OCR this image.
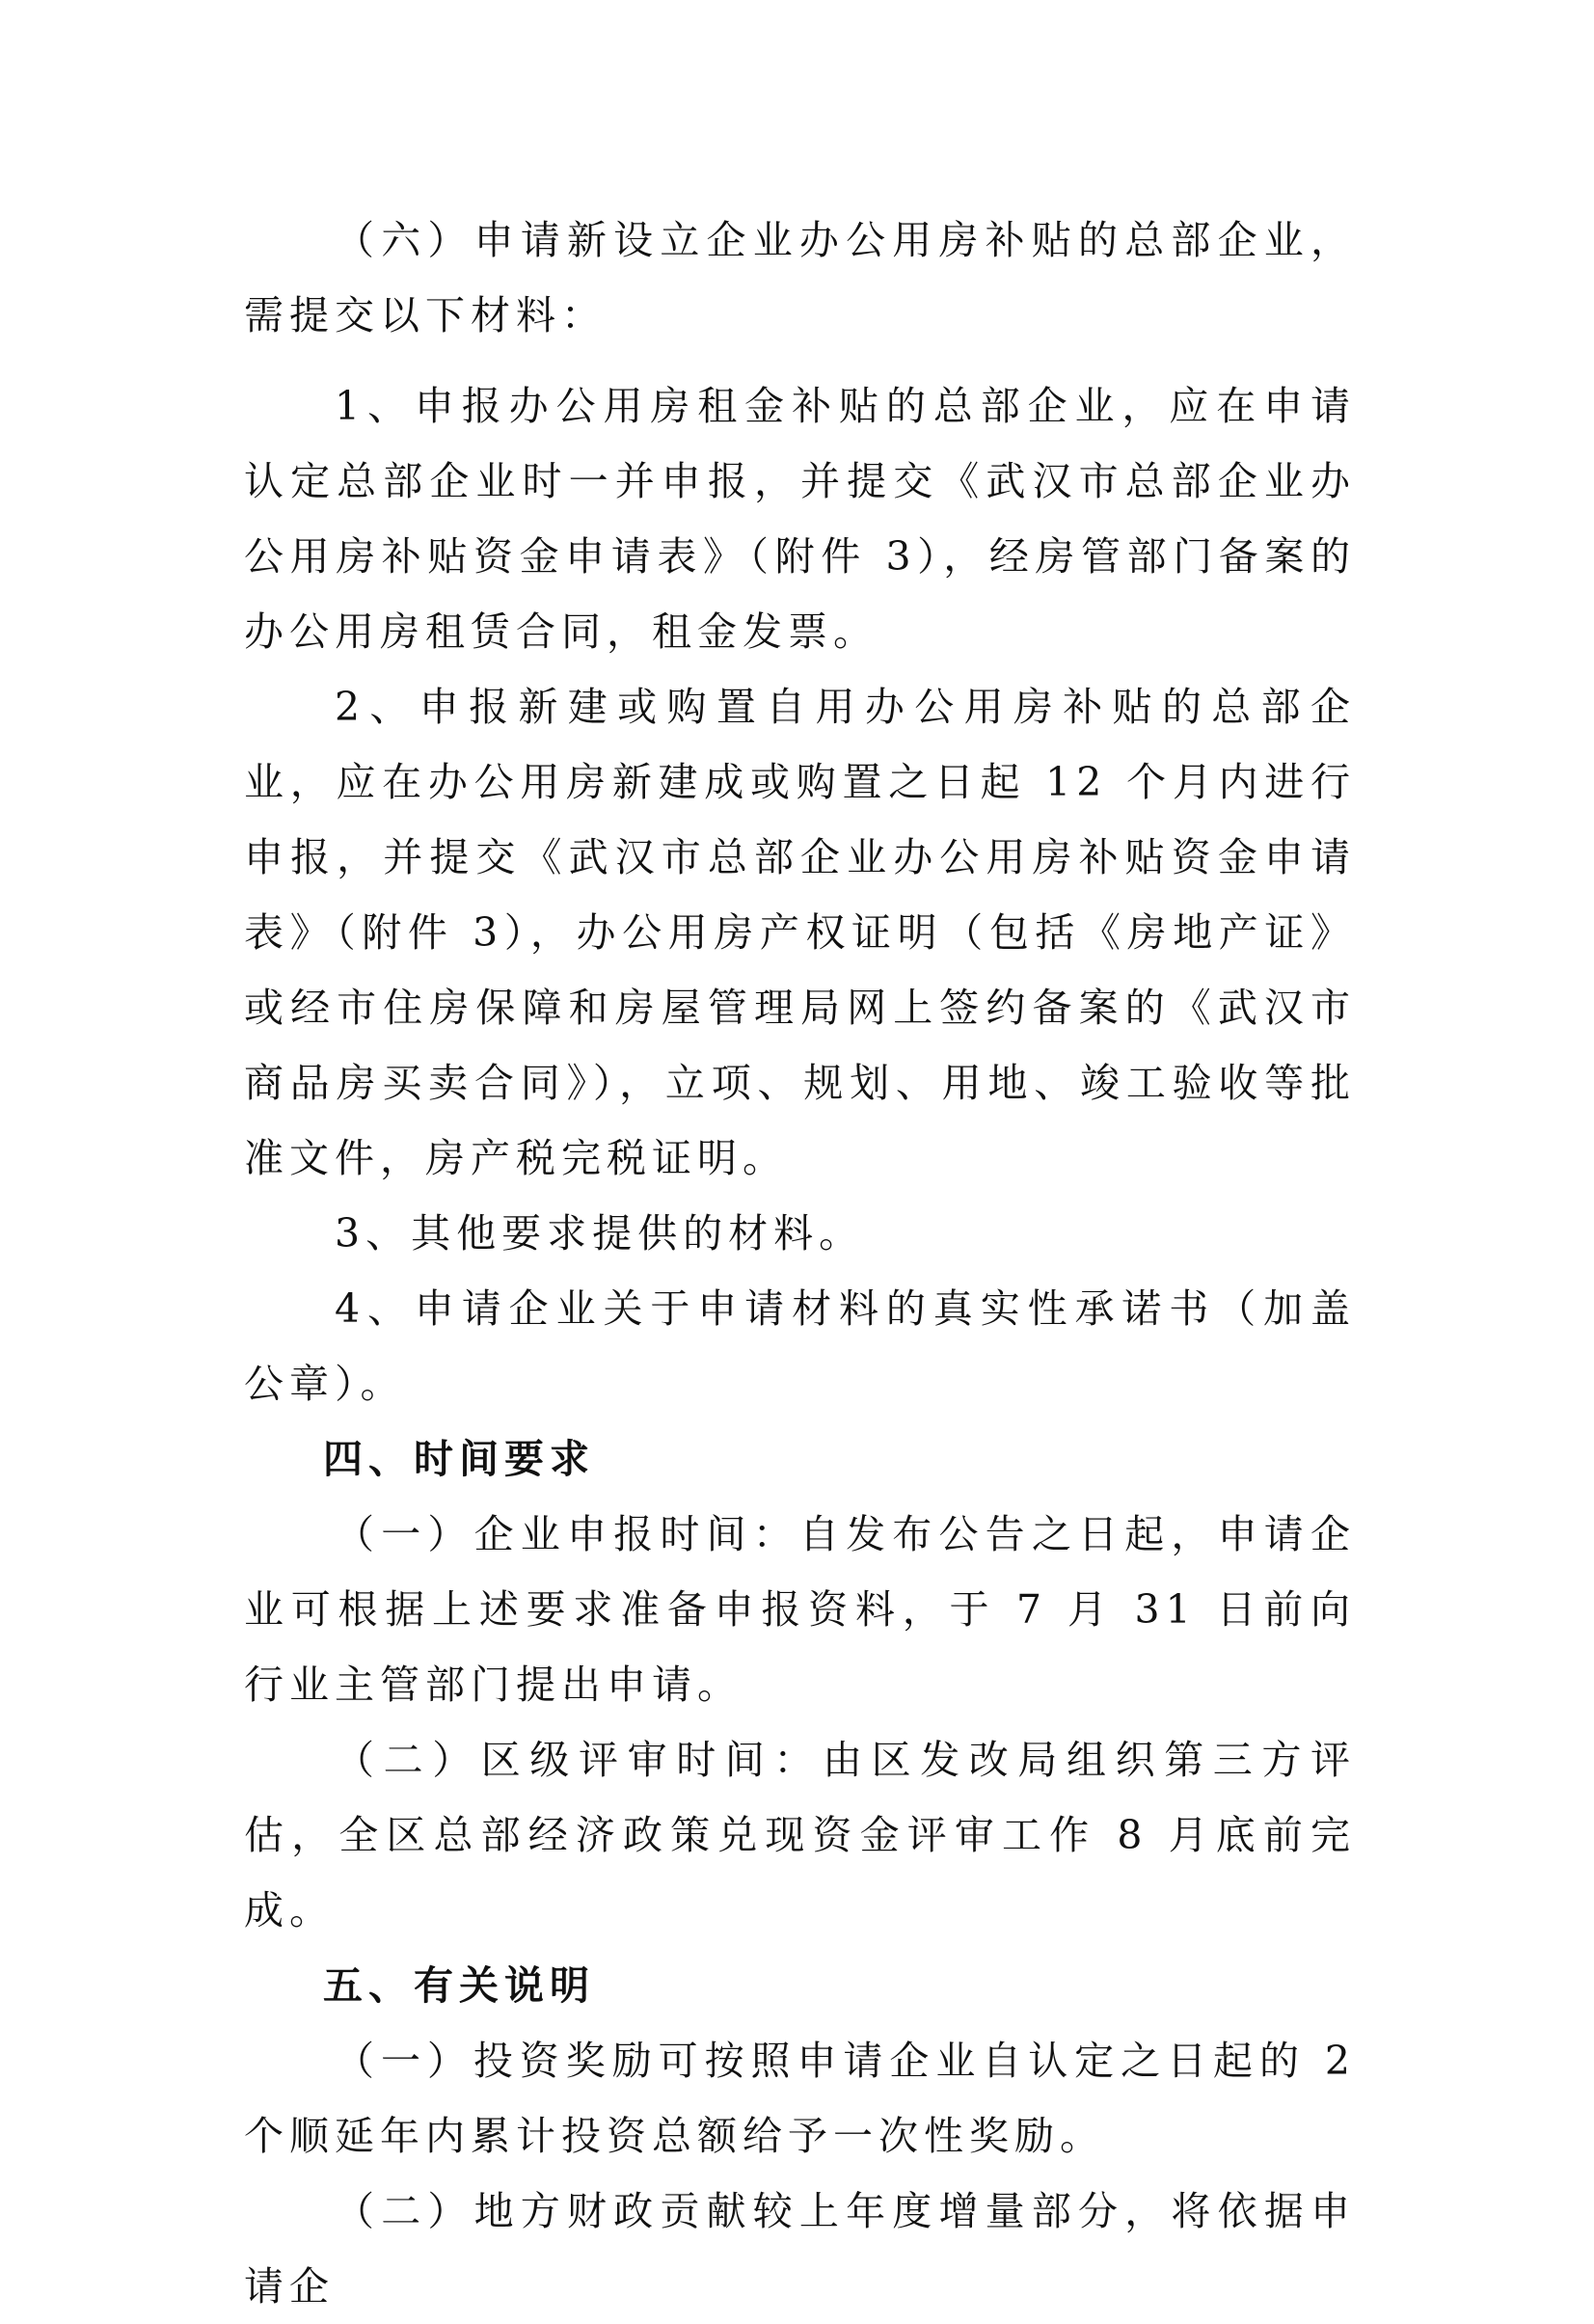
（六）申请新设立企业办公用房补贴的总部企业，需提交以下材料：

1、申报办公用房租金补贴的总部企业，应在申请认定总部企业时一并申报，并提交《武汉市总部企业办公用房补贴资金申请表》（附件 3），经房管部门备案的办公用房租赁合同，租金发票。

2、申报新建或购置自用办公用房补贴的总部企业，应在办公用房新建成或购置之日起 12 个月内进行申报，并提交《武汉市总部企业办公用房补贴资金申请表》（附件 3），办公用房产权证明（包括《房地产证》或经市住房保障和房屋管理局网上签约备案的《武汉市商品房买卖合同》），立项、规划、用地、竣工验收等批准文件，房产税完税证明。

3、其他要求提供的材料。

4、申请企业关于申请材料的真实性承诺书（加盖公章）。

四、时间要求

（一）企业申报时间：自发布公告之日起，申请企业可根据上述要求准备申报资料，于 7 月 31 日前向行业主管部门提出申请。

（二）区级评审时间：由区发改局组织第三方评估，全区总部经济政策兑现资金评审工作 8 月底前完成。

五、有关说明

（一）投资奖励可按照申请企业自认定之日起的 2 个顺延年内累计投资总额给予一次性奖励。

（二）地方财政贡献较上年度增量部分，将依据申请企
